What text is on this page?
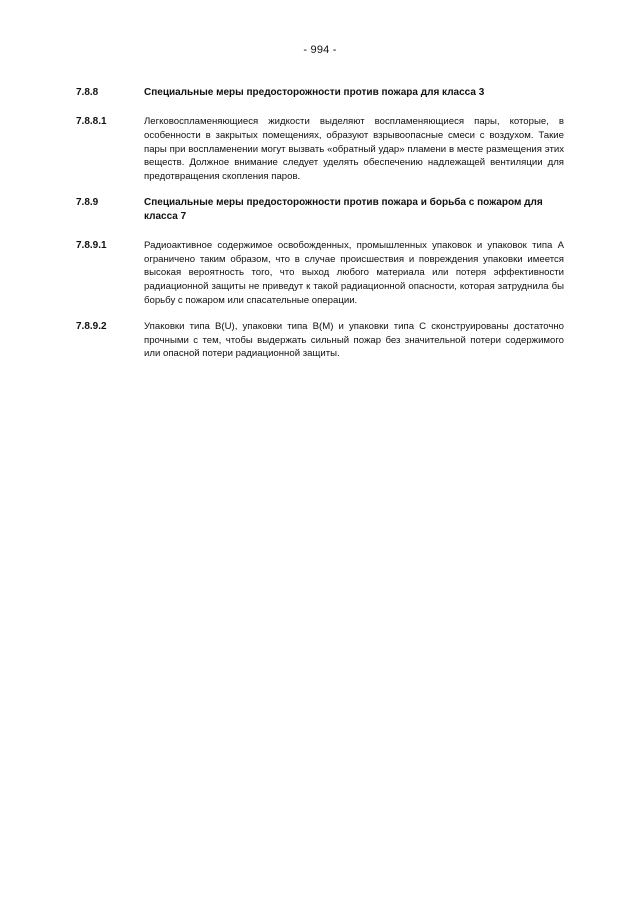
- 994 -
7.8.8	Специальные меры предосторожности против пожара для класса 3
7.8.8.1	Легковоспламеняющиеся жидкости выделяют воспламеняющиеся пары, которые, в особенности в закрытых помещениях, образуют взрывоопасные смеси с воздухом. Такие пары при воспламенении могут вызвать «обратный удар» пламени в месте размещения этих веществ. Должное внимание следует уделять обеспечению надлежащей вентиляции для предотвращения скопления паров.
7.8.9	Специальные меры предосторожности против пожара и борьба с пожаром для класса 7
7.8.9.1	Радиоактивное содержимое освобожденных, промышленных упаковок и упаковок типа А ограничено таким образом, что в случае происшествия и повреждения упаковки имеется высокая вероятность того, что выход любого материала или потеря эффективности радиационной защиты не приведут к такой радиационной опасности, которая затруднила бы борьбу с пожаром или спасательные операции.
7.8.9.2	Упаковки типа B(U), упаковки типа B(M) и упаковки типа С сконструированы достаточно прочными с тем, чтобы выдержать сильный пожар без значительной потери содержимого или опасной потери радиационной защиты.
